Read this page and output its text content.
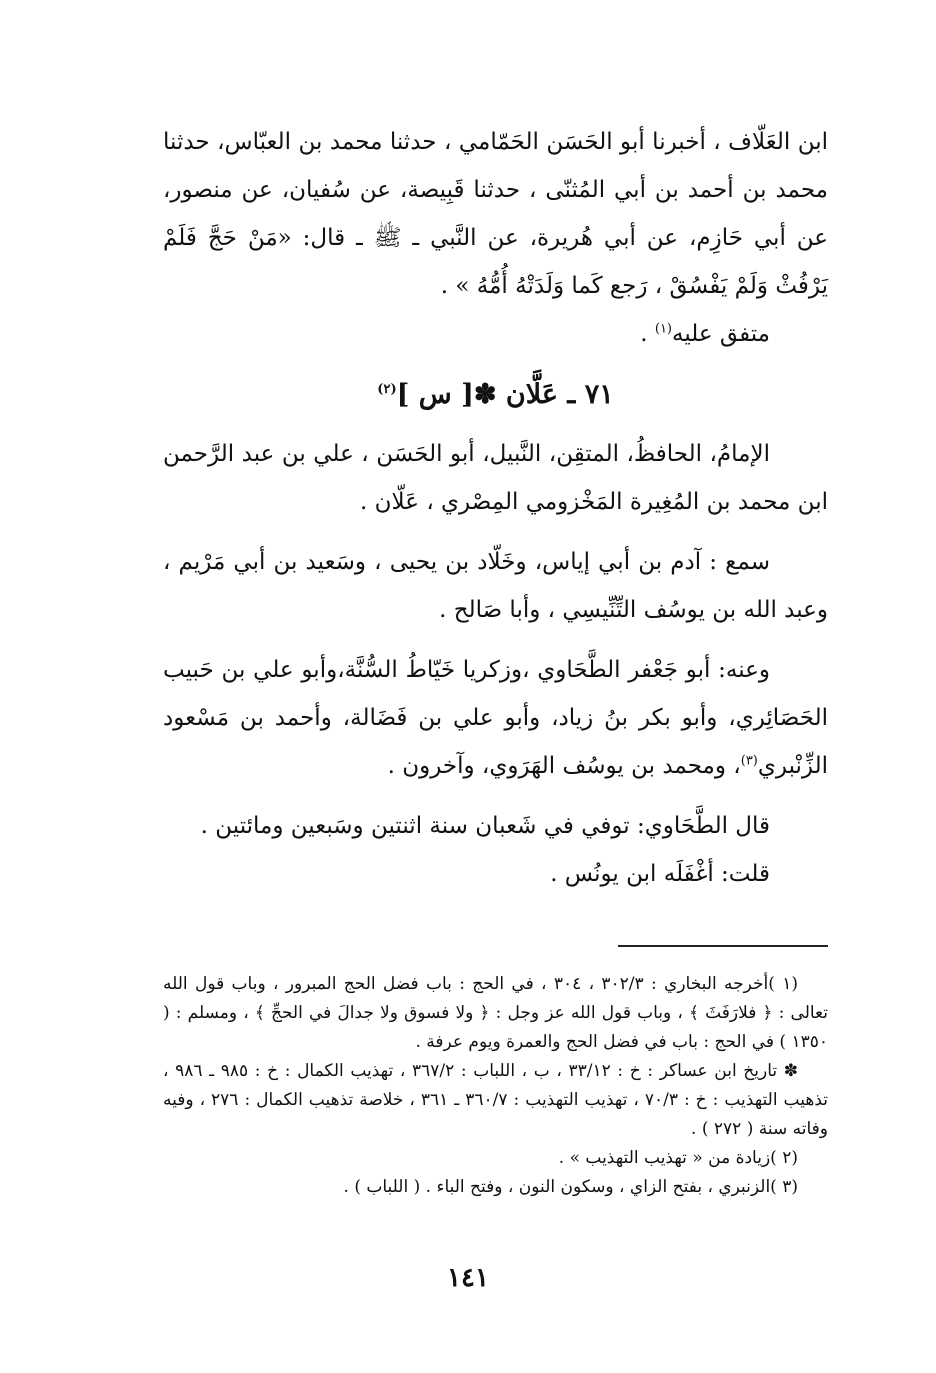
ابن العَلّاف ، أخبرنا أبو الحَسَن الحَمّامي ، حدثنا محمد بن العبّاس، حدثنا محمد بن أحمد بن أبي المُثنّى ، حدثنا قَبِيصة، عن سُفيان، عن منصور، عن أبي حَازِم، عن أبي هُريرة، عن النَّبي ـ ﷺ ـ قال: «مَنْ حَجَّ فَلَمْ يَرْفُثْ وَلَمْ يَفْسُقْ ، رَجع كَما وَلَدَتْهُ أُمُّهُ » .

متفق عليه$^{(١)}$ .

٧١ ـ عَلَّان ✽[ س ]$^{(٢)}$

الإمامُ، الحافظُ، المتقِن، النَّبيل، أبو الحَسَن ، علي بن عبد الرَّحمن ابن محمد بن المُغِيرة المَخْزومي المِصْري ، عَلّان .

سمع : آدم بن أبي إياس، وخَلّاد بن يحيى ، وسَعيد بن أبي مَرْيم ، وعبد الله بن يوسُف التِّنِّيسِي ، وأبا صَالح .

وعنه: أبو جَعْفر الطَّحَاوي ،وزكريا خَيّاطُ السُّنَّة،وأبو علي بن حَبيب الحَصَائِري، وأبو بكر بنُ زياد، وأبو علي بن فَضَالة، وأحمد بن مَسْعود الزِّنْبري$^{(٣)}$، ومحمد بن يوسُف الهَرَوي، وآخرون .

قال الطَّحَاوي: توفي في شَعبان سنة اثنتين وسَبعين ومائتين .

قلت: أغْفَلَه ابن يونُس .

(١ )أخرجه البخاري : ٣٠٢/٣ ، ٣٠٤ ، في الحج : باب فضل الحج المبرور ، وباب قول الله تعالى : ﴿ فلارَفَثَ ﴾ ، وباب قول الله عز وجل : ﴿ ولا فسوق ولا جدالَ في الحجِّ ﴾ ، ومسلم : ( ١٣٥٠ ) في الحج : باب في فضل الحج والعمرة ويوم عرفة .

✽ تاريخ ابن عساكر : خ : ٣٣/١٢ ، ب ، اللباب : ٣٦٧/٢ ، تهذيب الكمال : خ : ٩٨٥ ـ ٩٨٦ ، تذهيب التهذيب : خ : ٧٠/٣ ، تهذيب التهذيب : ٣٦٠/٧ ـ ٣٦١ ، خلاصة تذهيب الكمال : ٢٧٦ ، وفيه وفاته سنة ( ٢٧٢ ) .

(٢ )زيادة من « تهذيب التهذيب » .

(٣ )الزنبري ، بفتح الزاي ، وسكون النون ، وفتح الباء . ( اللباب ) .

١٤١
